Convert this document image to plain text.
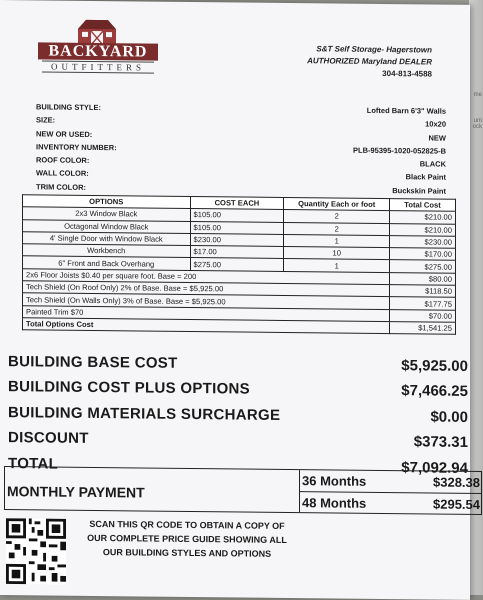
me
um
ock
BACKYARD
OUTFITTERS
S&T Self Storage- Hagerstown
AUTHORIZED Maryland DEALER
304-813-4588
BUILDING STYLE:	Lofted Barn 6'3" Walls
SIZE:	10x20
NEW OR USED:	NEW
INVENTORY NUMBER:	PLB-95395-1020-052825-B
ROOF COLOR:	BLACK
WALL COLOR:	Black Paint
TRIM COLOR:	Buckskin Paint
OPTIONS	COST EACH	Quantity Each or foot	Total Cost
2x3 Window Black	$105.00	2	$210.00
Octagonal Window Black	$105.00	2	$210.00
4' Single Door with Window Black	$230.00	1	$230.00
Workbench	$17.00	10	$170.00
6" Front and Back Overhang	$275.00	1	$275.00
2x6 Floor Joists $0.40 per square foot. Base = 200			$80.00
Tech Shield (On Roof Only) 2% of Base. Base = $5,925.00			$118.50
Tech Shield (On Walls Only) 3% of Base. Base = $5,925.00			$177.75
Painted Trim $70			$70.00
Total Options Cost			$1,541.25
BUILDING BASE COST	$5,925.00
BUILDING COST PLUS OPTIONS	$7,466.25
BUILDING MATERIALS SURCHARGE	$0.00
DISCOUNT	$373.31
TOTAL	$7,092.94
MONTHLY PAYMENT
36 Months	$328.38
48 Months	$295.54
SCAN THIS QR CODE TO OBTAIN A COPY OF
OUR COMPLETE PRICE GUIDE SHOWING ALL
OUR BUILDING STYLES AND OPTIONS
